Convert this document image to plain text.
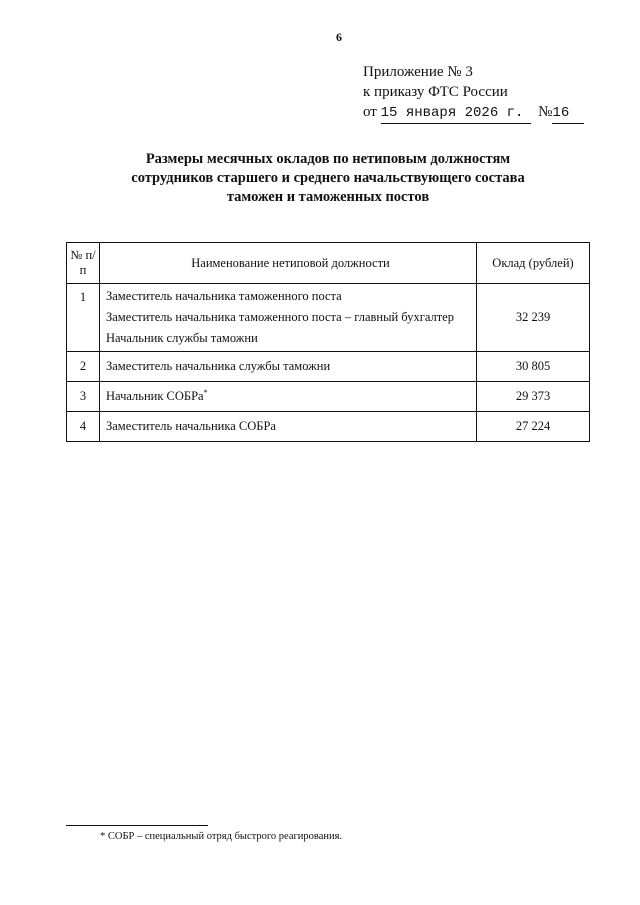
6
Приложение № 3
к приказу ФТС России
от 15 января 2026 г. №16
Размеры месячных окладов по нетиповым должностям
сотрудников старшего и среднего начальствующего состава
таможен и таможенных постов
№ п/п	Наименование нетиповой должности	Оклад (рублей)
1	Заместитель начальника таможенного поста
Заместитель начальника таможенного поста – главный бухгалтер
Начальник службы таможни	32 239
2	Заместитель начальника службы таможни	30 805
3	Начальник СОБРа*	29 373
4	Заместитель начальника СОБРа	27 224
* СОБР – специальный отряд быстрого реагирования.
